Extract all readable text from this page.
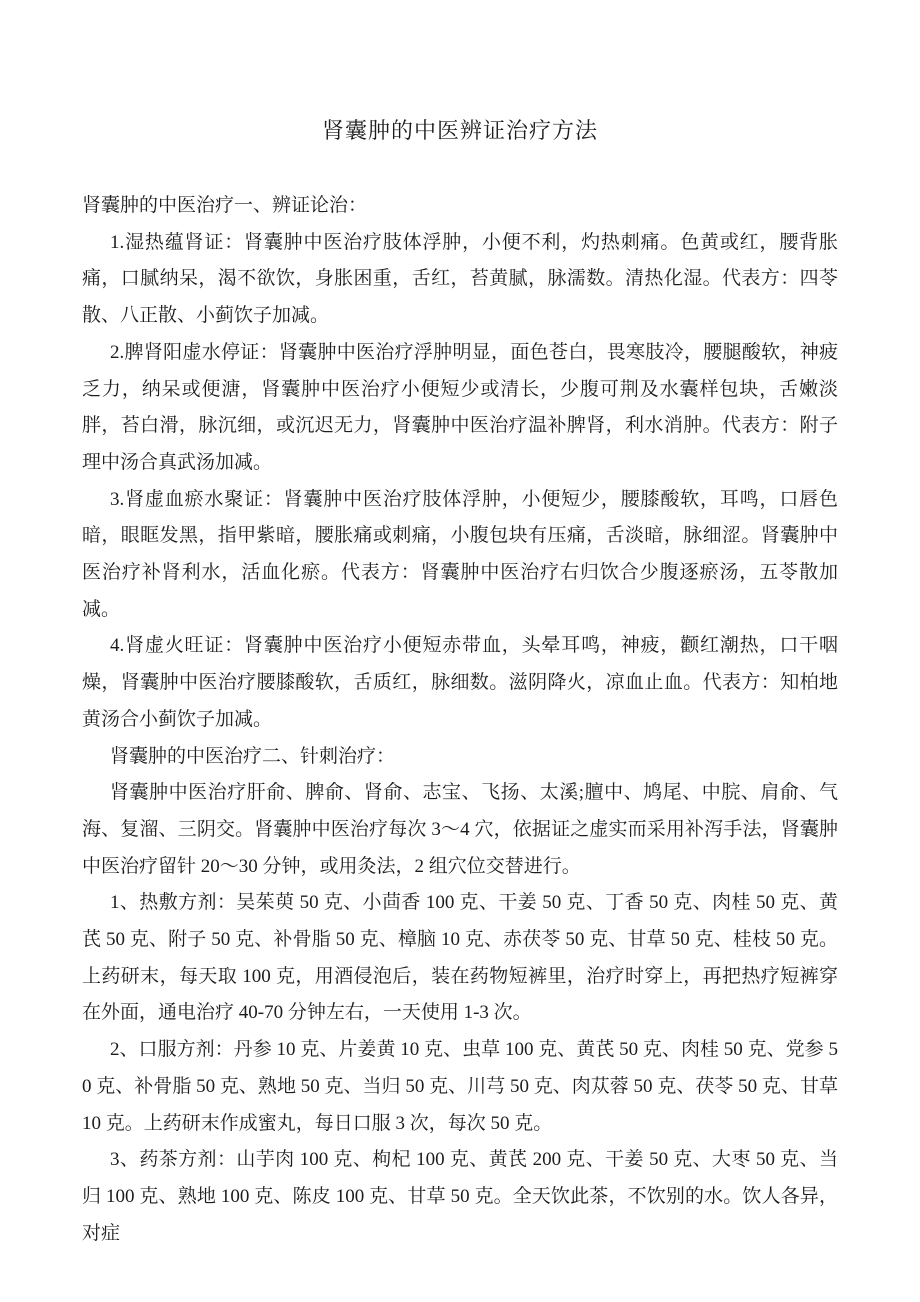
肾囊肿的中医辨证治疗方法

肾囊肿的中医治疗一、辨证论治：

1.湿热蕴肾证：肾囊肿中医治疗肢体浮肿，小便不利，灼热刺痛。色黄或红，腰背胀痛，口腻纳呆，渴不欲饮，身胀困重，舌红，苔黄腻，脉濡数。清热化湿。代表方：四苓散、八正散、小蓟饮子加减。

2.脾肾阳虚水停证：肾囊肿中医治疗浮肿明显，面色苍白，畏寒肢冷，腰腿酸软，神疲乏力，纳呆或便溏，肾囊肿中医治疗小便短少或清长，少腹可荆及水囊样包块，舌嫩淡胖，苔白滑，脉沉细，或沉迟无力，肾囊肿中医治疗温补脾肾，利水消肿。代表方：附子理中汤合真武汤加减。

3.肾虚血瘀水聚证：肾囊肿中医治疗肢体浮肿，小便短少，腰膝酸软，耳鸣，口唇色暗，眼眶发黑，指甲紫暗，腰胀痛或刺痛，小腹包块有压痛，舌淡暗，脉细涩。肾囊肿中医治疗补肾利水，活血化瘀。代表方：肾囊肿中医治疗右归饮合少腹逐瘀汤，五苓散加减。

4.肾虚火旺证：肾囊肿中医治疗小便短赤带血，头晕耳鸣，神疲，颧红潮热，口干咽燥，肾囊肿中医治疗腰膝酸软，舌质红，脉细数。滋阴降火，凉血止血。代表方：知柏地黄汤合小蓟饮子加减。

肾囊肿的中医治疗二、针刺治疗：

肾囊肿中医治疗肝俞、脾俞、肾俞、志宝、飞扬、太溪;膻中、鸠尾、中脘、肩俞、气海、复溜、三阴交。肾囊肿中医治疗每次 3～4 穴，依据证之虚实而采用补泻手法，肾囊肿中医治疗留针 20～30 分钟，或用灸法，2 组穴位交替进行。

1、热敷方剂：吴茱萸 50 克、小茴香 100 克、干姜 50 克、丁香 50 克、肉桂 50 克、黄芪 50 克、附子 50 克、补骨脂 50 克、樟脑 10 克、赤茯苓 50 克、甘草 50 克、桂枝 50 克。上药研末，每天取 100 克，用酒侵泡后，装在药物短裤里，治疗时穿上，再把热疗短裤穿在外面，通电治疗 40-70 分钟左右，一天使用 1-3 次。

2、口服方剂：丹参 10 克、片姜黄 10 克、虫草 100 克、黄芪 50 克、肉桂 50 克、党参 50 克、补骨脂 50 克、熟地 50 克、当归 50 克、川芎 50 克、肉苁蓉 50 克、茯苓 50 克、甘草 10 克。上药研末作成蜜丸，每日口服 3 次，每次 50 克。

3、药茶方剂：山芋肉 100 克、枸杞 100 克、黄芪 200 克、干姜 50 克、大枣 50 克、当归 100 克、熟地 100 克、陈皮 100 克、甘草 50 克。全天饮此茶，不饮别的水。饮人各异，对症
